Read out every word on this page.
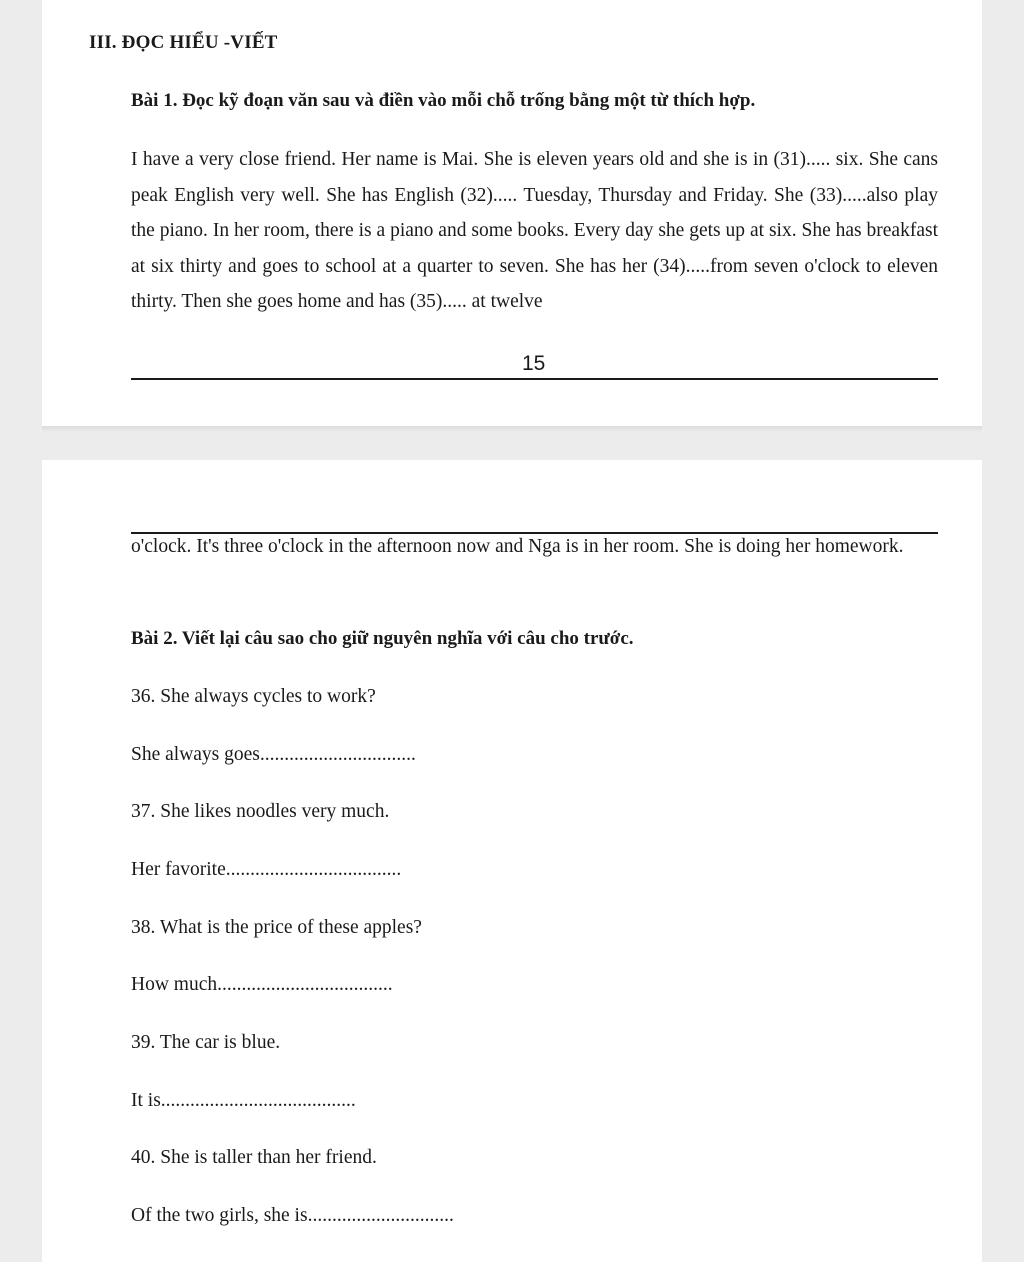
III. ĐỌC HIỂU -VIẾT
Bài 1. Đọc kỹ đoạn văn sau và điền vào mỗi chỗ trống bằng một từ thích hợp.

I have a very close friend. Her name is Mai. She is eleven years old and she is in (31)..... six. She cans peak English very well. She has English (32)..... Tuesday, Thursday and Friday. She (33).....also play the piano. In her room, there is a piano and some books. Every day she gets up at six. She has breakfast at six thirty and goes to school at a quarter to seven. She has her (34).....from seven o'clock to eleven thirty. Then she goes home and has (35)..... at twelve

15

o'clock. It's three o'clock in the afternoon now and Nga is in her room. She is doing her homework.

Bài 2. Viết lại câu sao cho giữ nguyên nghĩa với câu cho trước.
36. She always cycles to work?
She always goes................................
37. She likes noodles very much.
Her favorite....................................
38. What is the price of these apples?
How much....................................
39. The car is blue.
It is........................................
40. She is taller than her friend.
Of the two girls, she is..............................
